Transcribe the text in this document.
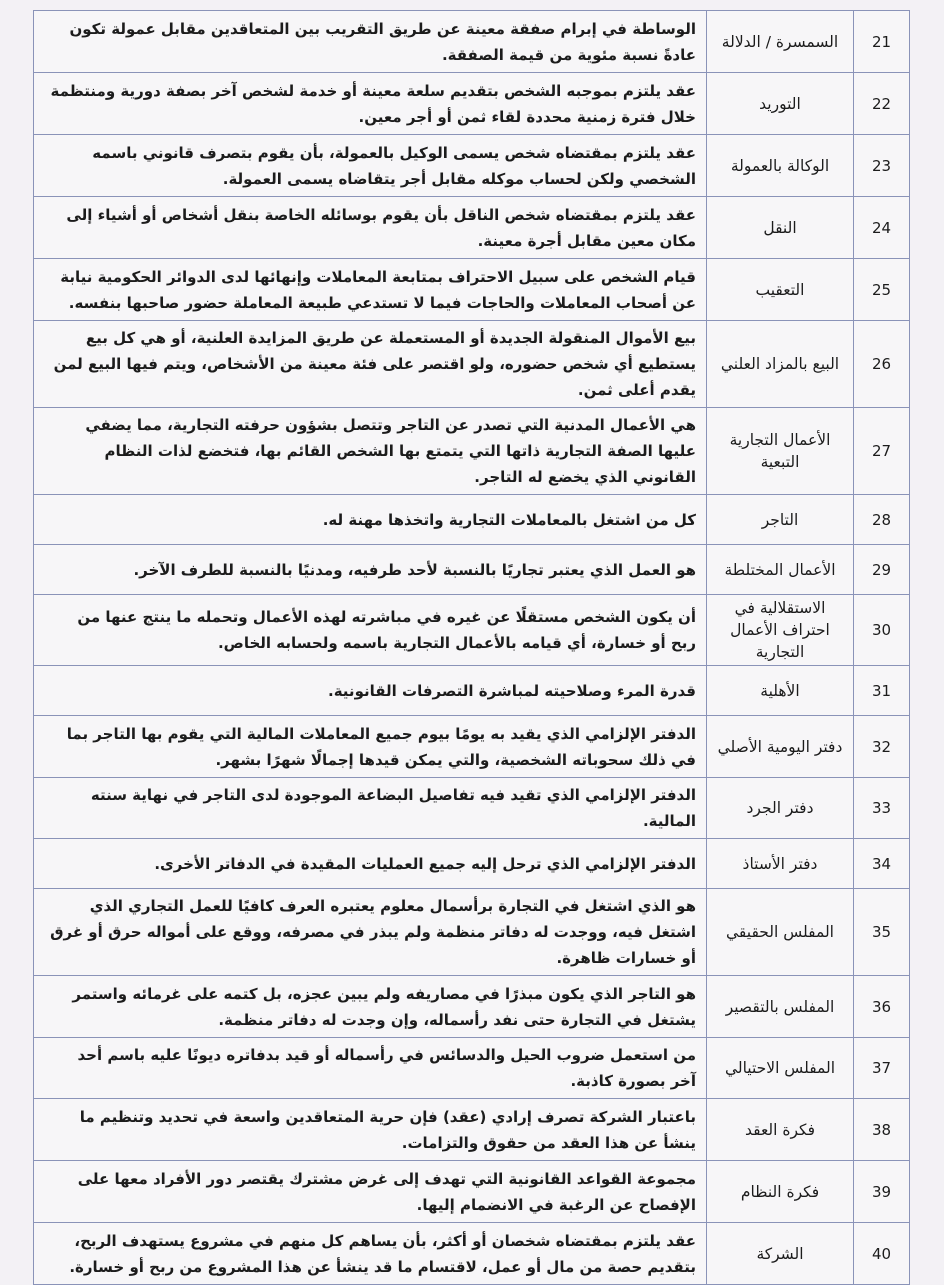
الوساطة في إبرام صفقة معينة عن طريق التقريب بين المتعاقدين مقابل عمولة تكون عادةً نسبة مئوية من قيمة الصفقة.	السمسرة / الدلالة	21

عقد يلتزم بموجبه الشخص بتقديم سلعة معينة أو خدمة لشخص آخر بصفة دورية ومنتظمة خلال فترة زمنية محددة لقاء ثمن أو أجر معين.	التوريد	22

عقد يلتزم بمقتضاه شخص يسمى الوكيل بالعمولة، بأن يقوم بتصرف قانوني باسمه الشخصي ولكن لحساب موكله مقابل أجر يتقاضاه يسمى العمولة.	الوكالة بالعمولة	23

عقد يلتزم بمقتضاه شخص الناقل بأن يقوم بوسائله الخاصة بنقل أشخاص أو أشياء إلى مكان معين مقابل أجرة معينة.	النقل	24

قيام الشخص على سبيل الاحتراف بمتابعة المعاملات وإنهائها لدى الدوائر الحكومية نيابة عن أصحاب المعاملات والحاجات فيما لا تستدعي طبيعة المعاملة حضور صاحبها بنفسه.	التعقيب	25

بيع الأموال المنقولة الجديدة أو المستعملة عن طريق المزايدة العلنية، أو هي كل بيع يستطيع أي شخص حضوره، ولو اقتصر على فئة معينة من الأشخاص، ويتم فيها البيع لمن يقدم أعلى ثمن.	البيع بالمزاد العلني	26

هي الأعمال المدنية التي تصدر عن التاجر وتتصل بشؤون حرفته التجارية، مما يضفي عليها الصفة التجارية ذاتها التي يتمتع بها الشخص القائم بها، فتخضع لذات النظام القانوني الذي يخضع له التاجر.	الأعمال التجارية التبعية	27

كل من اشتغل بالمعاملات التجارية واتخذها مهنة له.	التاجر	28

هو العمل الذي يعتبر تجاريًا بالنسبة لأحد طرفيه، ومدنيًا بالنسبة للطرف الآخر.	الأعمال المختلطة	29

أن يكون الشخص مستقلًا عن غيره في مباشرته لهذه الأعمال وتحمله ما ينتج عنها من ربح أو خسارة، أي قيامه بالأعمال التجارية باسمه ولحسابه الخاص.	الاستقلالية في احتراف الأعمال التجارية	30

قدرة المرء وصلاحيته لمباشرة التصرفات القانونية.	الأهلية	31

الدفتر الإلزامي الذي يقيد به يومًا بيوم جميع المعاملات المالية التي يقوم بها التاجر بما في ذلك سحوباته الشخصية، والتي يمكن قيدها إجمالًا شهرًا بشهر.	دفتر اليومية الأصلي	32

الدفتر الإلزامي الذي تقيد فيه تفاصيل البضاعة الموجودة لدى التاجر في نهاية سنته المالية.	دفتر الجرد	33

الدفتر الإلزامي الذي ترحل إليه جميع العمليات المقيدة في الدفاتر الأخرى.	دفتر الأستاذ	34

هو الذي اشتغل في التجارة برأسمال معلوم يعتبره العرف كافيًا للعمل التجاري الذي اشتغل فيه، ووجدت له دفاتر منظمة ولم يبذر في مصرفه، ووقع على أمواله حرق أو غرق أو خسارات ظاهرة.	المفلس الحقيقي	35

هو التاجر الذي يكون مبذرًا في مصاريفه ولم يبين عجزه، بل كتمه على غرمائه واستمر يشتغل في التجارة حتى نفد رأسماله، وإن وجدت له دفاتر منظمة.	المفلس بالتقصير	36

من استعمل ضروب الحيل والدسائس في رأسماله أو قيد بدفاتره ديونًا عليه باسم أحد آخر بصورة كاذبة.	المفلس الاحتيالي	37

باعتبار الشركة تصرف إرادي (عقد) فإن حرية المتعاقدين واسعة في تحديد وتنظيم ما ينشأ عن هذا العقد من حقوق والتزامات.	فكرة العقد	38

مجموعة القواعد القانونية التي تهدف إلى غرض مشترك يقتصر دور الأفراد معها على الإفصاح عن الرغبة في الانضمام إليها.	فكرة النظام	39

عقد يلتزم بمقتضاه شخصان أو أكثر، بأن يساهم كل منهم في مشروع يستهدف الربح، بتقديم حصة من مال أو عمل، لاقتسام ما قد ينشأ عن هذا المشروع من ربح أو خسارة.	الشركة	40
